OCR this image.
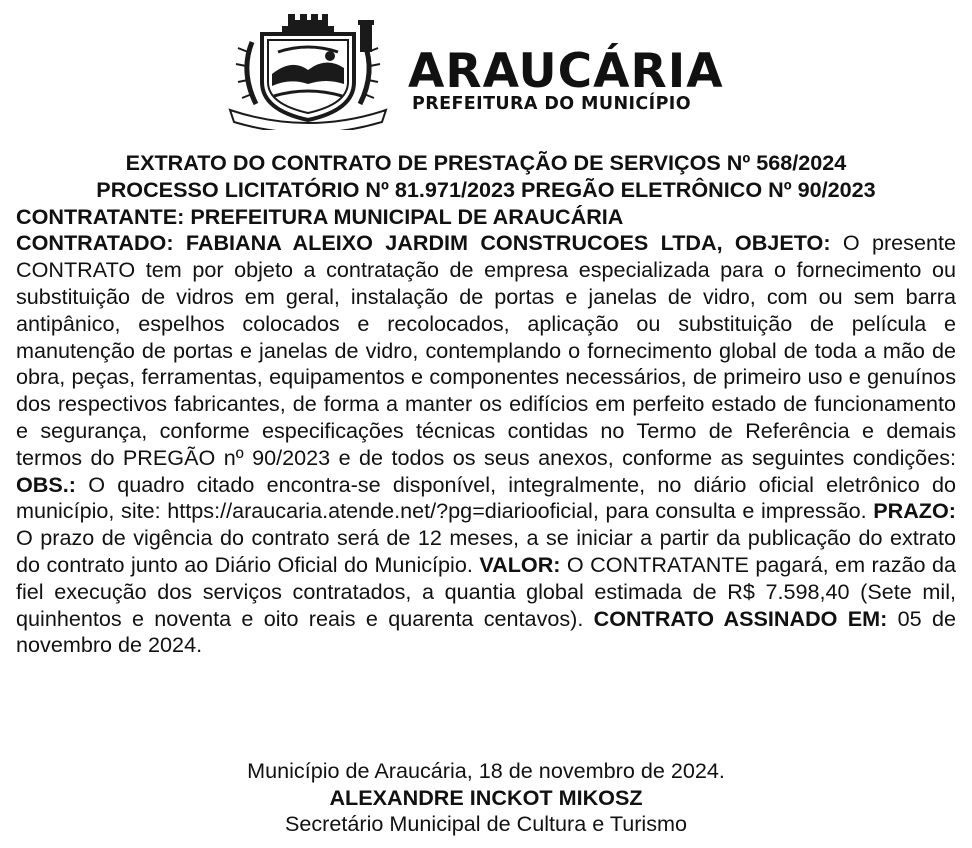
ARAUCÁRIA
PREFEITURA DO MUNICÍPIO
EXTRATO DO CONTRATO DE PRESTAÇÃO DE SERVIÇOS Nº 568/2024
PROCESSO LICITATÓRIO Nº 81.971/2023 PREGÃO ELETRÔNICO Nº 90/2023
CONTRATANTE: PREFEITURA MUNICIPAL DE ARAUCÁRIA
CONTRATADO: FABIANA ALEIXO JARDIM CONSTRUCOES LTDA, OBJETO: O presente CONTRATO tem por objeto a contratação de empresa especializada para o fornecimento ou substituição de vidros em geral, instalação de portas e janelas de vidro, com ou sem barra antipânico, espelhos colocados e recolocados, aplicação ou substituição de película e manutenção de portas e janelas de vidro, contemplando o fornecimento global de toda a mão de obra, peças, ferramentas, equipamentos e componentes necessários, de primeiro uso e genuínos dos respectivos fabricantes, de forma a manter os edifícios em perfeito estado de funcionamento e segurança, conforme especificações técnicas contidas no Termo de Referência e demais termos do PREGÃO nº 90/2023 e de todos os seus anexos, conforme as seguintes condições: OBS.: O quadro citado encontra-se disponível, integralmente, no diário oficial eletrônico do município, site: https://araucaria.atende.net/?pg=diariooficial, para consulta e impressão. PRAZO: O prazo de vigência do contrato será de 12 meses, a se iniciar a partir da publicação do extrato do contrato junto ao Diário Oficial do Município. VALOR: O CONTRATANTE pagará, em razão da fiel execução dos serviços contratados, a quantia global estimada de R$ 7.598,40 (Sete mil, quinhentos e noventa e oito reais e quarenta centavos). CONTRATO ASSINADO EM: 05 de novembro de 2024.
Município de Araucária, 18 de novembro de 2024.
ALEXANDRE INCKOT MIKOSZ
Secretário Municipal de Cultura e Turismo
